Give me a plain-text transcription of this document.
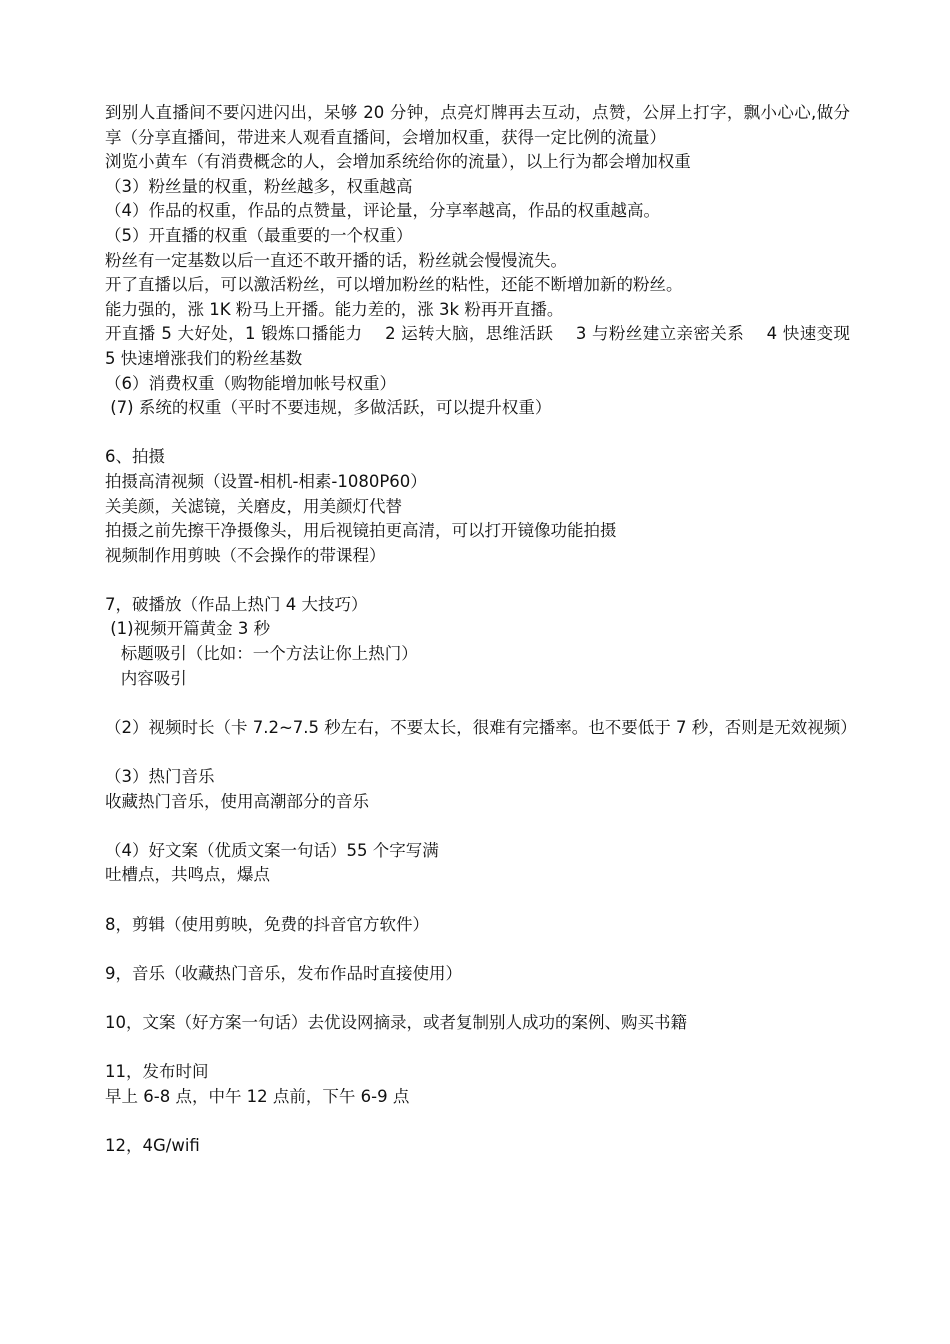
到别人直播间不要闪进闪出，呆够 20 分钟，点亮灯牌再去互动，点赞，公屏上打字，飘小心心,做分享（分享直播间，带进来人观看直播间，会增加权重，获得一定比例的流量）

浏览小黄车（有消费概念的人，会增加系统给你的流量），以上行为都会增加权重

（3）粉丝量的权重，粉丝越多，权重越高

（4）作品的权重，作品的点赞量，评论量，分享率越高，作品的权重越高。

（5）开直播的权重（最重要的一个权重）

粉丝有一定基数以后一直还不敢开播的话，粉丝就会慢慢流失。

开了直播以后，可以激活粉丝，可以增加粉丝的粘性，还能不断增加新的粉丝。

能力强的，涨 1K 粉马上开播。能力差的，涨 3k 粉再开直播。

开直播 5 大好处，1 锻炼口播能力    2 运转大脑，思维活跃    3 与粉丝建立亲密关系    4 快速变现    5 快速增涨我们的粉丝基数

（6）消费权重（购物能增加帐号权重）

(7) 系统的权重（平时不要违规，多做活跃，可以提升权重）

6、拍摄

拍摄高清视频（设置-相机-相素-1080P60）

关美颜，关滤镜，关磨皮，用美颜灯代替

拍摄之前先擦干净摄像头，用后视镜拍更高清，可以打开镜像功能拍摄

视频制作用剪映（不会操作的带课程）

7，破播放（作品上热门 4 大技巧）

(1)视频开篇黄金 3 秒

标题吸引（比如：一个方法让你上热门）

内容吸引

（2）视频时长（卡 7.2~7.5 秒左右，不要太长，很难有完播率。也不要低于 7 秒，否则是无效视频）

（3）热门音乐

收藏热门音乐，使用高潮部分的音乐

（4）好文案（优质文案一句话）55 个字写满

吐槽点，共鸣点，爆点

8，剪辑（使用剪映，免费的抖音官方软件）

9，音乐（收藏热门音乐，发布作品时直接使用）

10，文案（好方案一句话）去优设网摘录，或者复制别人成功的案例、购买书籍

11，发布时间

早上 6-8 点，中午 12 点前，下午 6-9 点

12，4G/wifi
